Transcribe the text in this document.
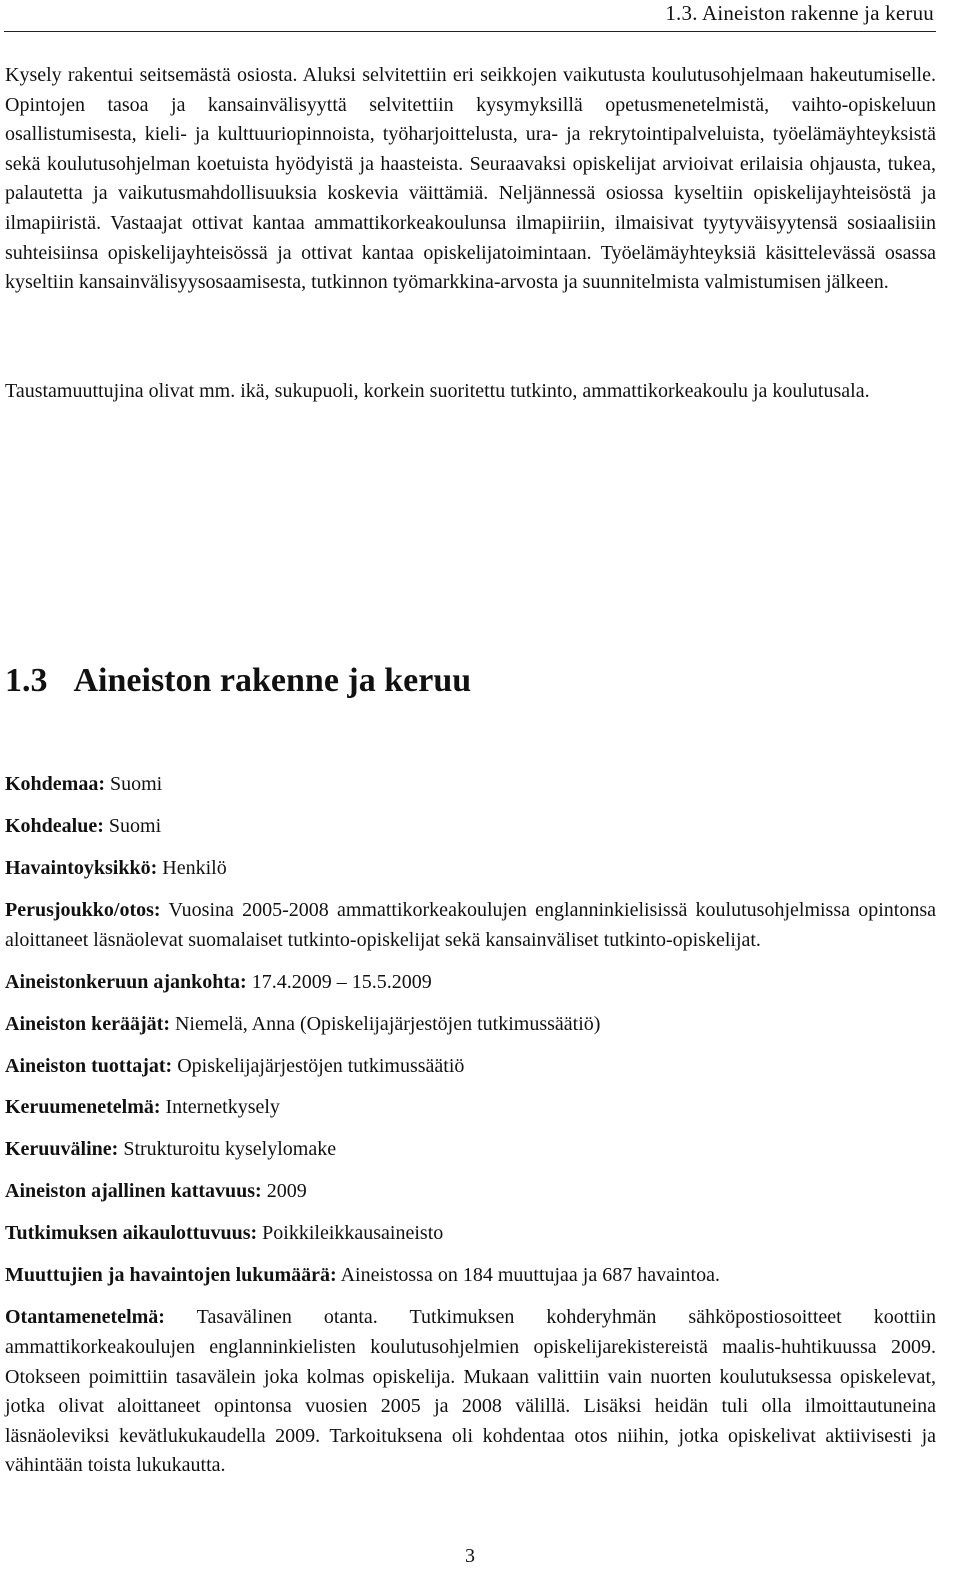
1.3. Aineiston rakenne ja keruu

Kysely rakentui seitsemästä osiosta. Aluksi selvitettiin eri seikkojen vaikutusta koulutusohjelmaan hakeutumiselle. Opintojen tasoa ja kansainvälisyyttä selvitettiin kysymyksillä opetusmenetelmistä, vaihto-opiskeluun osallistumisesta, kieli- ja kulttuuriopinnoista, työharjoittelusta, ura- ja rekrytointipalveluista, työelämäyhteyksistä sekä koulutusohjelman koetuista hyödyistä ja haasteista. Seuraavaksi opiskelijat arvioivat erilaisia ohjausta, tukea, palautetta ja vaikutusmahdollisuuksia koskevia väittämiä. Neljännessä osiossa kyseltiin opiskelijayhteisöstä ja ilmapiiristä. Vastaajat ottivat kantaa ammattikorkeakoulunsa ilmapiiriin, ilmaisivat tyytyväisyytensä sosiaalisiin suhteisiinsa opiskelijayhteisössä ja ottivat kantaa opiskelijatoimintaan. Työelämäyhteyksiä käsittelevässä osassa kyseltiin kansainvälisyysosaamisesta, tutkinnon työmarkkina-arvosta ja suunnitelmista valmistumisen jälkeen.

Taustamuuttujina olivat mm. ikä, sukupuoli, korkein suoritettu tutkinto, ammattikorkeakoulu ja koulutusala.

1.3 Aineiston rakenne ja keruu

Kohdemaa: Suomi

Kohdealue: Suomi

Havaintoyksikkö: Henkilö

Perusjoukko/otos: Vuosina 2005-2008 ammattikorkeakoulujen englanninkielisissä koulutusohjelmissa opintonsa aloittaneet läsnäolevat suomalaiset tutkinto-opiskelijat sekä kansainväliset tutkinto-opiskelijat.

Aineistonkeruun ajankohta: 17.4.2009 – 15.5.2009

Aineiston kerääjät: Niemelä, Anna (Opiskelijajärjestöjen tutkimussäätiö)

Aineiston tuottajat: Opiskelijajärjestöjen tutkimussäätiö

Keruumenetelmä: Internetkysely

Keruuväline: Strukturoitu kyselylomake

Aineiston ajallinen kattavuus: 2009

Tutkimuksen aikaulottuvuus: Poikkileikkausaineisto

Muuttujien ja havaintojen lukumäärä: Aineistossa on 184 muuttujaa ja 687 havaintoa.

Otantamenetelmä: Tasavälinen otanta. Tutkimuksen kohderyhmän sähköpostiosoitteet koottiin ammattikorkeakoulujen englanninkielisten koulutusohjelmien opiskelijarekistereistä maalis-huhtikuussa 2009. Otokseen poimittiin tasavälein joka kolmas opiskelija. Mukaan valittiin vain nuorten koulutuksessa opiskelevat, jotka olivat aloittaneet opintonsa vuosien 2005 ja 2008 välillä. Lisäksi heidän tuli olla ilmoittautuneina läsnäoleviksi kevätlukukaudella 2009. Tarkoituksena oli kohdentaa otos niihin, jotka opiskelivat aktiivisesti ja vähintään toista lukukautta.

3
